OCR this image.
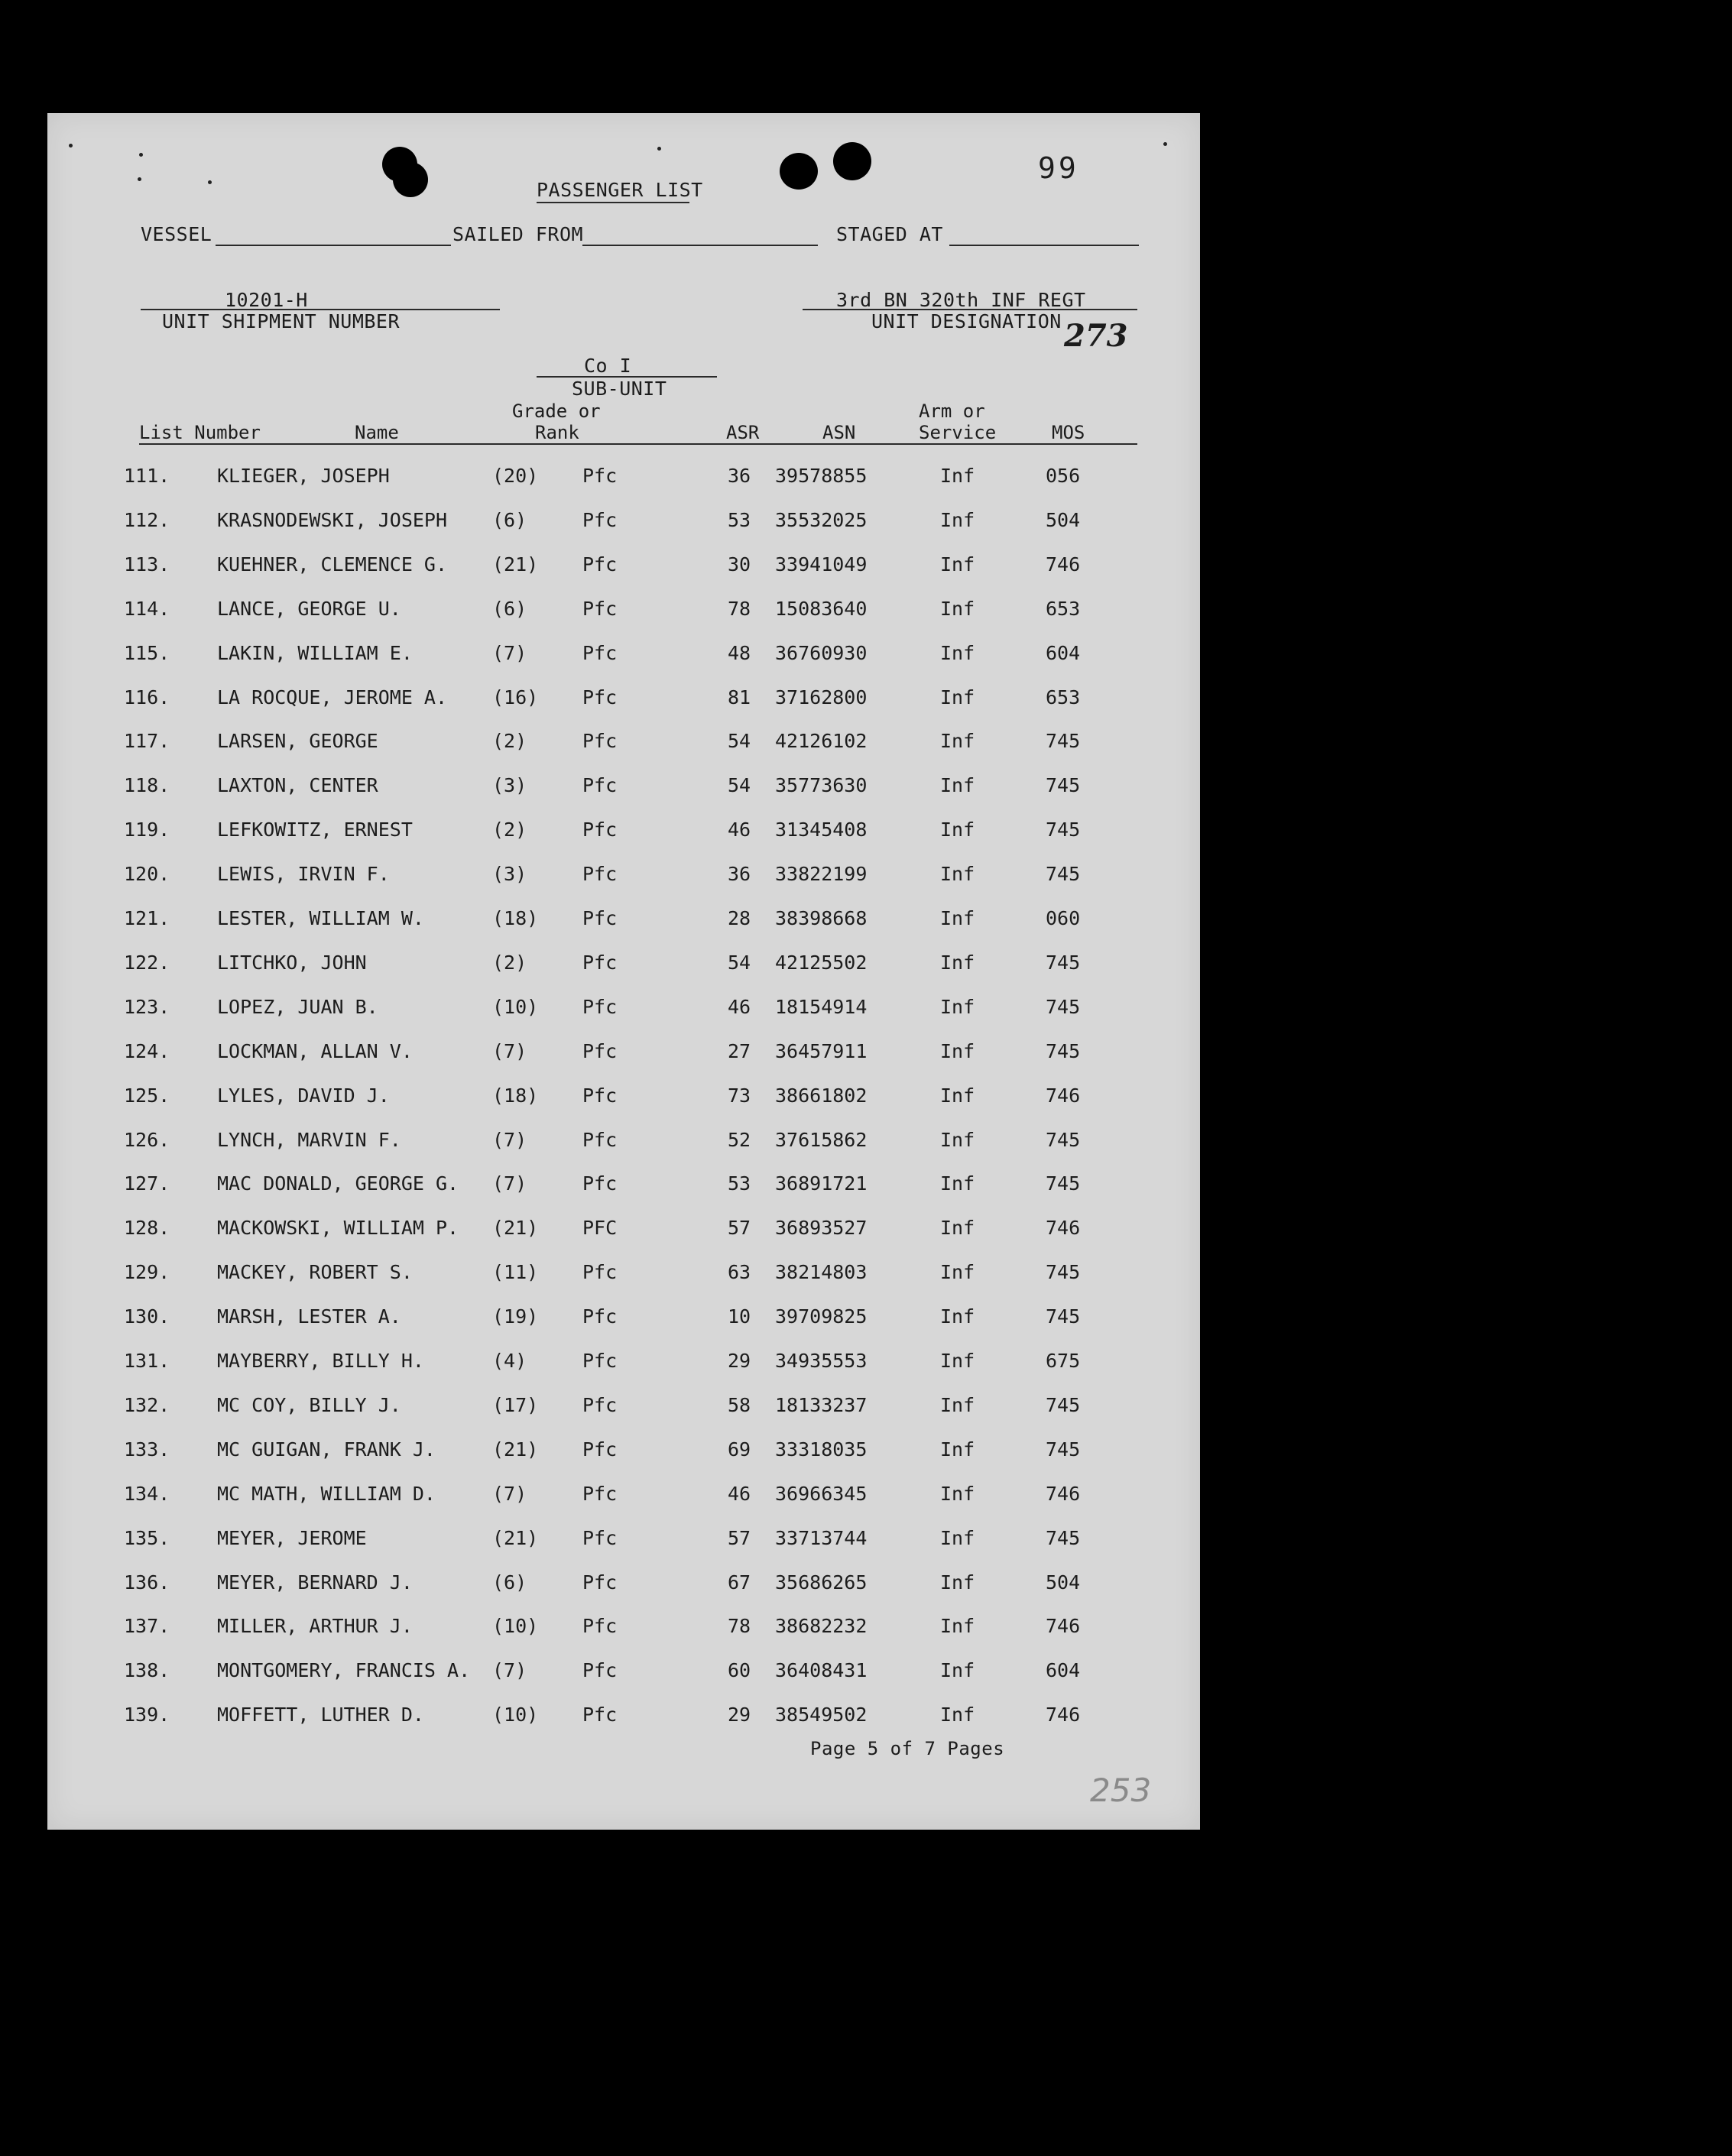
99
PASSENGER LIST
VESSEL	SAILED FROM	STAGED AT
10201-H
UNIT SHIPMENT NUMBER
3rd BN 320th INF REGT
UNIT DESIGNATION 273
Co I
SUB-UNIT
Grade or	Arm or
List Number	Name	Rank	ASR	ASN	Service	MOS
111. KLIEGER, JOSEPH	(20) Pfc	36 39578855	Inf	056
112. KRASNODEWSKI, JOSEPH (6)	Pfc	53 35532025	Inf	504
113. KUEHNER, CLEMENCE G. (21) Pfc	30 33941049	Inf	746
114. LANCE, GEORGE U.	(6)	Pfc	78 15083640	Inf	653
115. LAKIN, WILLIAM E.	(7)	Pfc	48 36760930	Inf	604
116. LA ROCQUE, JEROME A. (16) Pfc	81 37162800	Inf	653
117. LARSEN, GEORGE	(2)	Pfc	54 42126102	Inf	745
118. LAXTON, CENTER	(3)	Pfc	54 35773630	Inf	745
119. LEFKOWITZ, ERNEST	(2)	Pfc	46 31345408	Inf	745
120. LEWIS, IRVIN F.	(3)	Pfc	36 33822199	Inf	745
121. LESTER, WILLIAM W.	(18) Pfc	28 38398668	Inf	060
122. LITCHKO, JOHN	(2)	Pfc	54 42125502	Inf	745
123. LOPEZ, JUAN B.	(10) Pfc	46 18154914	Inf	745
124. LOCKMAN, ALLAN V.	(7)	Pfc	27 36457911	Inf	745
125. LYLES, DAVID J.	(18) Pfc	73 38661802	Inf	746
126. LYNCH, MARVIN F.	(7)	Pfc	52 37615862	Inf	745
127. MAC DONALD, GEORGE G. (7)	Pfc	53 36891721	Inf	745
128. MACKOWSKI, WILLIAM P. (21) PFC	57 36893527	Inf	746
129. MACKEY, ROBERT S.	(11) Pfc	63 38214803	Inf	745
130. MARSH, LESTER A.	(19) Pfc	10 39709825	Inf	745
131. MAYBERRY, BILLY H.	(4)	Pfc	29 34935553	Inf	675
132. MC COY, BILLY J.	(17) Pfc	58 18133237	Inf	745
133. MC GUIGAN, FRANK J.	(21) Pfc	69 33318035	Inf	745
134. MC MATH, WILLIAM D.	(7)	Pfc	46 36966345	Inf	746
135. MEYER, JEROME	(21) Pfc	57 33713744	Inf	745
136. MEYER, BERNARD J.	(6)	Pfc	67 35686265	Inf	504
137. MILLER, ARTHUR J.	(10) Pfc	78 38682232	Inf	746
138. MONTGOMERY, FRANCIS A. (7)	Pfc	60 36408431	Inf	604
139. MOFFETT, LUTHER D.	(10) Pfc	29 38549502	Inf	746
Page 5 of 7 Pages
253
